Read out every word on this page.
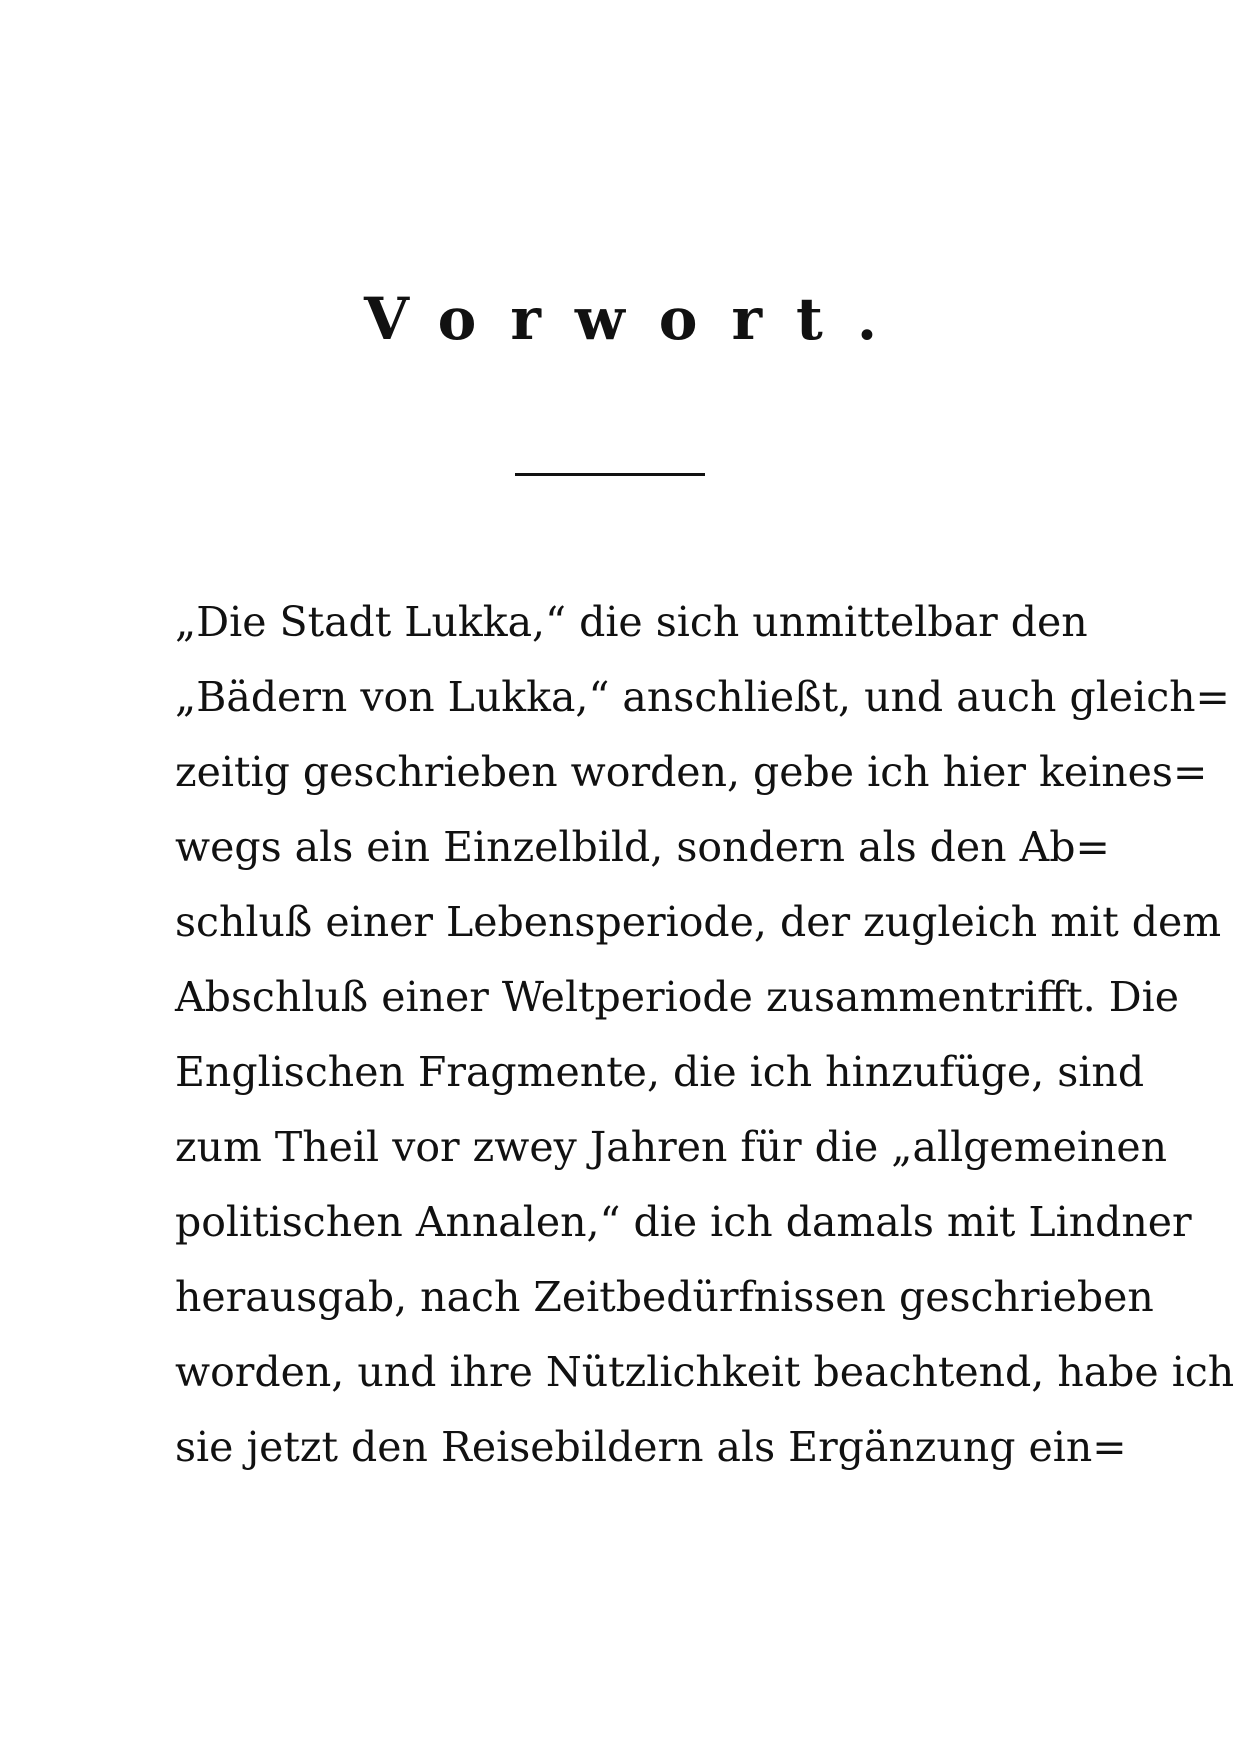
Vorwort.
„Die Stadt Lukka,“ die sich unmittelbar den
„Bädern von Lukka,“ anschließt, und auch gleich=
zeitig geschrieben worden, gebe ich hier keines=
wegs als ein Einzelbild, sondern als den Ab=
schluß einer Lebensperiode, der zugleich mit dem
Abschluß einer Weltperiode zusammentrifft. Die
Englischen Fragmente, die ich hinzufüge, sind
zum Theil vor zwey Jahren für die „allgemeinen
politischen Annalen,“ die ich damals mit Lindner
herausgab, nach Zeitbedürfnissen geschrieben
worden, und ihre Nützlichkeit beachtend, habe ich
sie jetzt den Reisebildern als Ergänzung ein=
